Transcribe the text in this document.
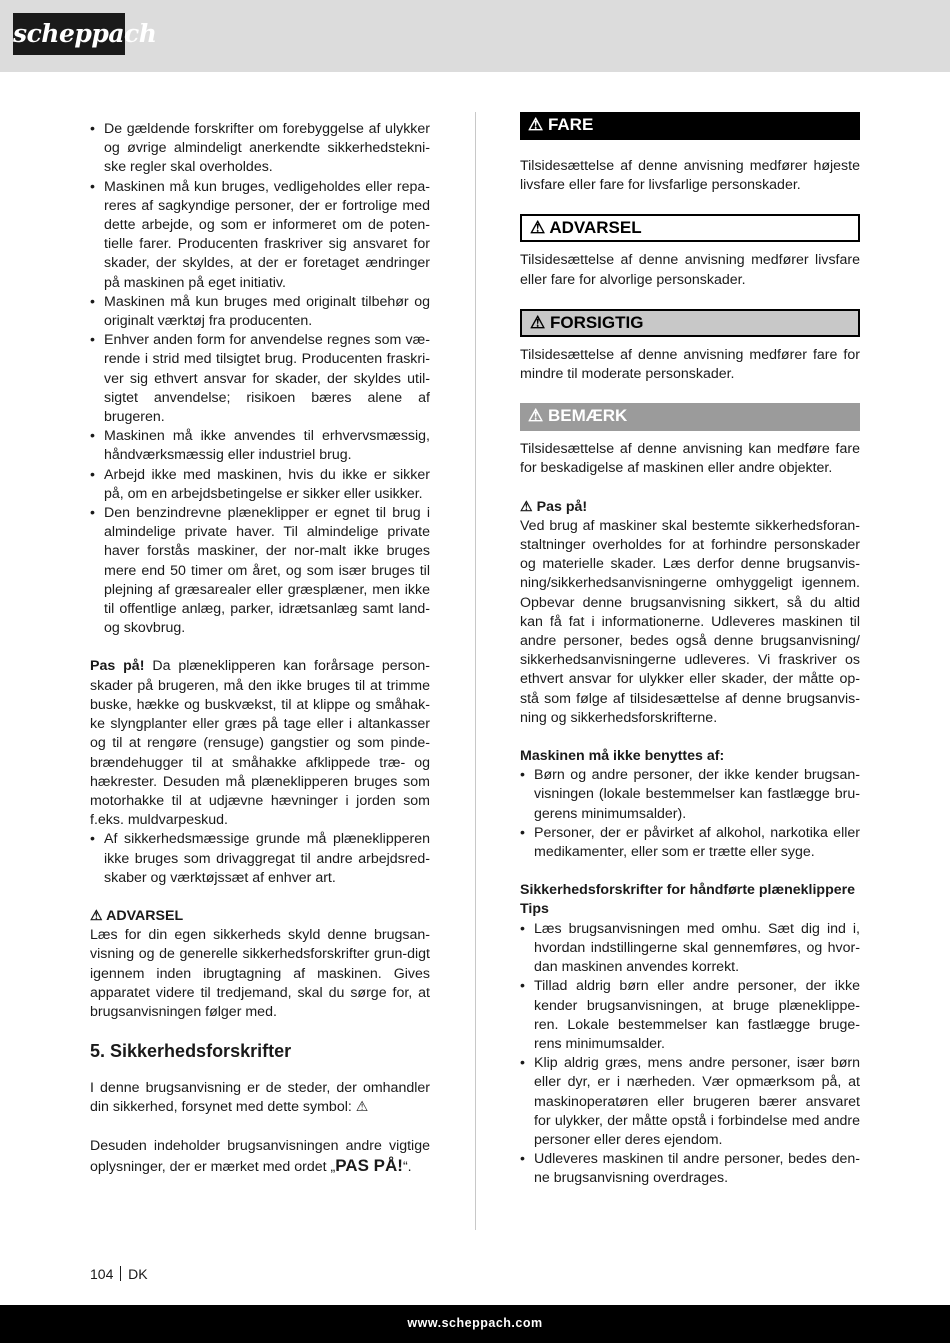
scheppach
• De gældende forskrifter om forebyggelse af ulykker og øvrige almindeligt anerkendte sikkerhedstekni-ske regler skal overholdes.
• Maskinen må kun bruges, vedligeholdes eller repa-reres af sagkyndige personer, der er fortrolige med dette arbejde, og som er informeret om de poten-tielle farer. Producenten fraskriver sig ansvaret for skader, der skyldes, at der er foretaget ændringer på maskinen på eget initiativ.
• Maskinen må kun bruges med originalt tilbehør og originalt værktøj fra producenten.
• Enhver anden form for anvendelse regnes som væ-rende i strid med tilsigtet brug. Producenten fraskri-ver sig ethvert ansvar for skader, der skyldes util-sigtet anvendelse; risikoen bæres alene af brugeren.
• Maskinen må ikke anvendes til erhvervsmæssig, håndværksmæssig eller industriel brug.
• Arbejd ikke med maskinen, hvis du ikke er sikker på, om en arbejdsbetingelse er sikker eller usikker.
• Den benzindrevne plæneklipper er egnet til brug i almindelige private haver. Til almindelige private haver forstås maskiner, der nor-malt ikke bruges mere end 50 timer om året, og som især bruges til plejning af græsarealer eller græsplæner, men ikke til offentlige anlæg, parker, idrætsanlæg samt land- og skovbrug.

Pas på! Da plæneklipperen kan forårsage person-skader på brugeren, må den ikke bruges til at trimme buske, hække og buskvækst, til at klippe og småhak-ke slyngplanter eller græs på tage eller i altankasser og til at rengøre (rensuge) gangstier og som pinde-brændehugger til at småhakke afklippede træ- og hækrester. Desuden må plæneklipperen bruges som motorhakke til at udjævne hævninger i jorden som f.eks. muldvarpeskud.

• Af sikkerhedsmæssige grunde må plæneklipperen ikke bruges som drivaggregat til andre arbejdsred-skaber og værktøjssæt af enhver art.

⚠ ADVARSEL

Læs for din egen sikkerheds skyld denne brugsan-visning og de generelle sikkerhedsforskrifter grun-digt igennem inden ibrugtagning af maskinen. Gives apparatet videre til tredjemand, skal du sørge for, at brugsanvisningen følger med.

5. Sikkerhedsforskrifter

I denne brugsanvisning er de steder, der omhandler din sikkerhed, forsynet med dette symbol: ⚠

Desuden indeholder brugsanvisningen andre vigtige oplysninger, der er mærket med ordet „PAS PÅ!“.

⚠ FARE

Tilsidesættelse af denne anvisning medfører højeste livsfare eller fare for livsfarlige personskader.

⚠ ADVARSEL

Tilsidesættelse af denne anvisning medfører livsfare eller fare for alvorlige personskader.

⚠ FORSIGTIG

Tilsidesættelse af denne anvisning medfører fare for mindre til moderate personskader.

⚠ BEMÆRK

Tilsidesættelse af denne anvisning kan medføre fare for beskadigelse af maskinen eller andre objekter.

⚠ Pas på!

Ved brug af maskiner skal bestemte sikkerhedsforan-staltninger overholdes for at forhindre personskader og materielle skader. Læs derfor denne brugsanvis-ning/sikkerhedsanvisningerne omhyggeligt igennem. Opbevar denne brugsanvisning sikkert, så du altid kan få fat i informationerne. Udleveres maskinen til andre personer, bedes også denne brugsanvisning/ sikkerhedsanvisningerne udleveres. Vi fraskriver os ethvert ansvar for ulykker eller skader, der måtte op-stå som følge af tilsidesættelse af denne brugsanvis-ning og sikkerhedsforskrifterne.

Maskinen må ikke benyttes af:

• Børn og andre personer, der ikke kender brugsan-visningen (lokale bestemmelser kan fastlægge bru-gerens minimumsalder).
• Personer, der er påvirket af alkohol, narkotika eller medikamenter, eller som er trætte eller syge.

Sikkerhedsforskrifter for håndførte plæneklippere

Tips

• Læs brugsanvisningen med omhu. Sæt dig ind i, hvordan indstillingerne skal gennemføres, og hvor-dan maskinen anvendes korrekt.
• Tillad aldrig børn eller andre personer, der ikke kender brugsanvisningen, at bruge plæneklippe-ren. Lokale bestemmelser kan fastlægge bruge-rens minimumsalder.
• Klip aldrig græs, mens andre personer, især børn eller dyr, er i nærheden. Vær opmærksom på, at maskinoperatøren eller brugeren bærer ansvaret for ulykker, der måtte opstå i forbindelse med andre personer eller deres ejendom.
• Udleveres maskinen til andre personer, bedes den-ne brugsanvisning overdrages.
104 DK
www.scheppach.com
